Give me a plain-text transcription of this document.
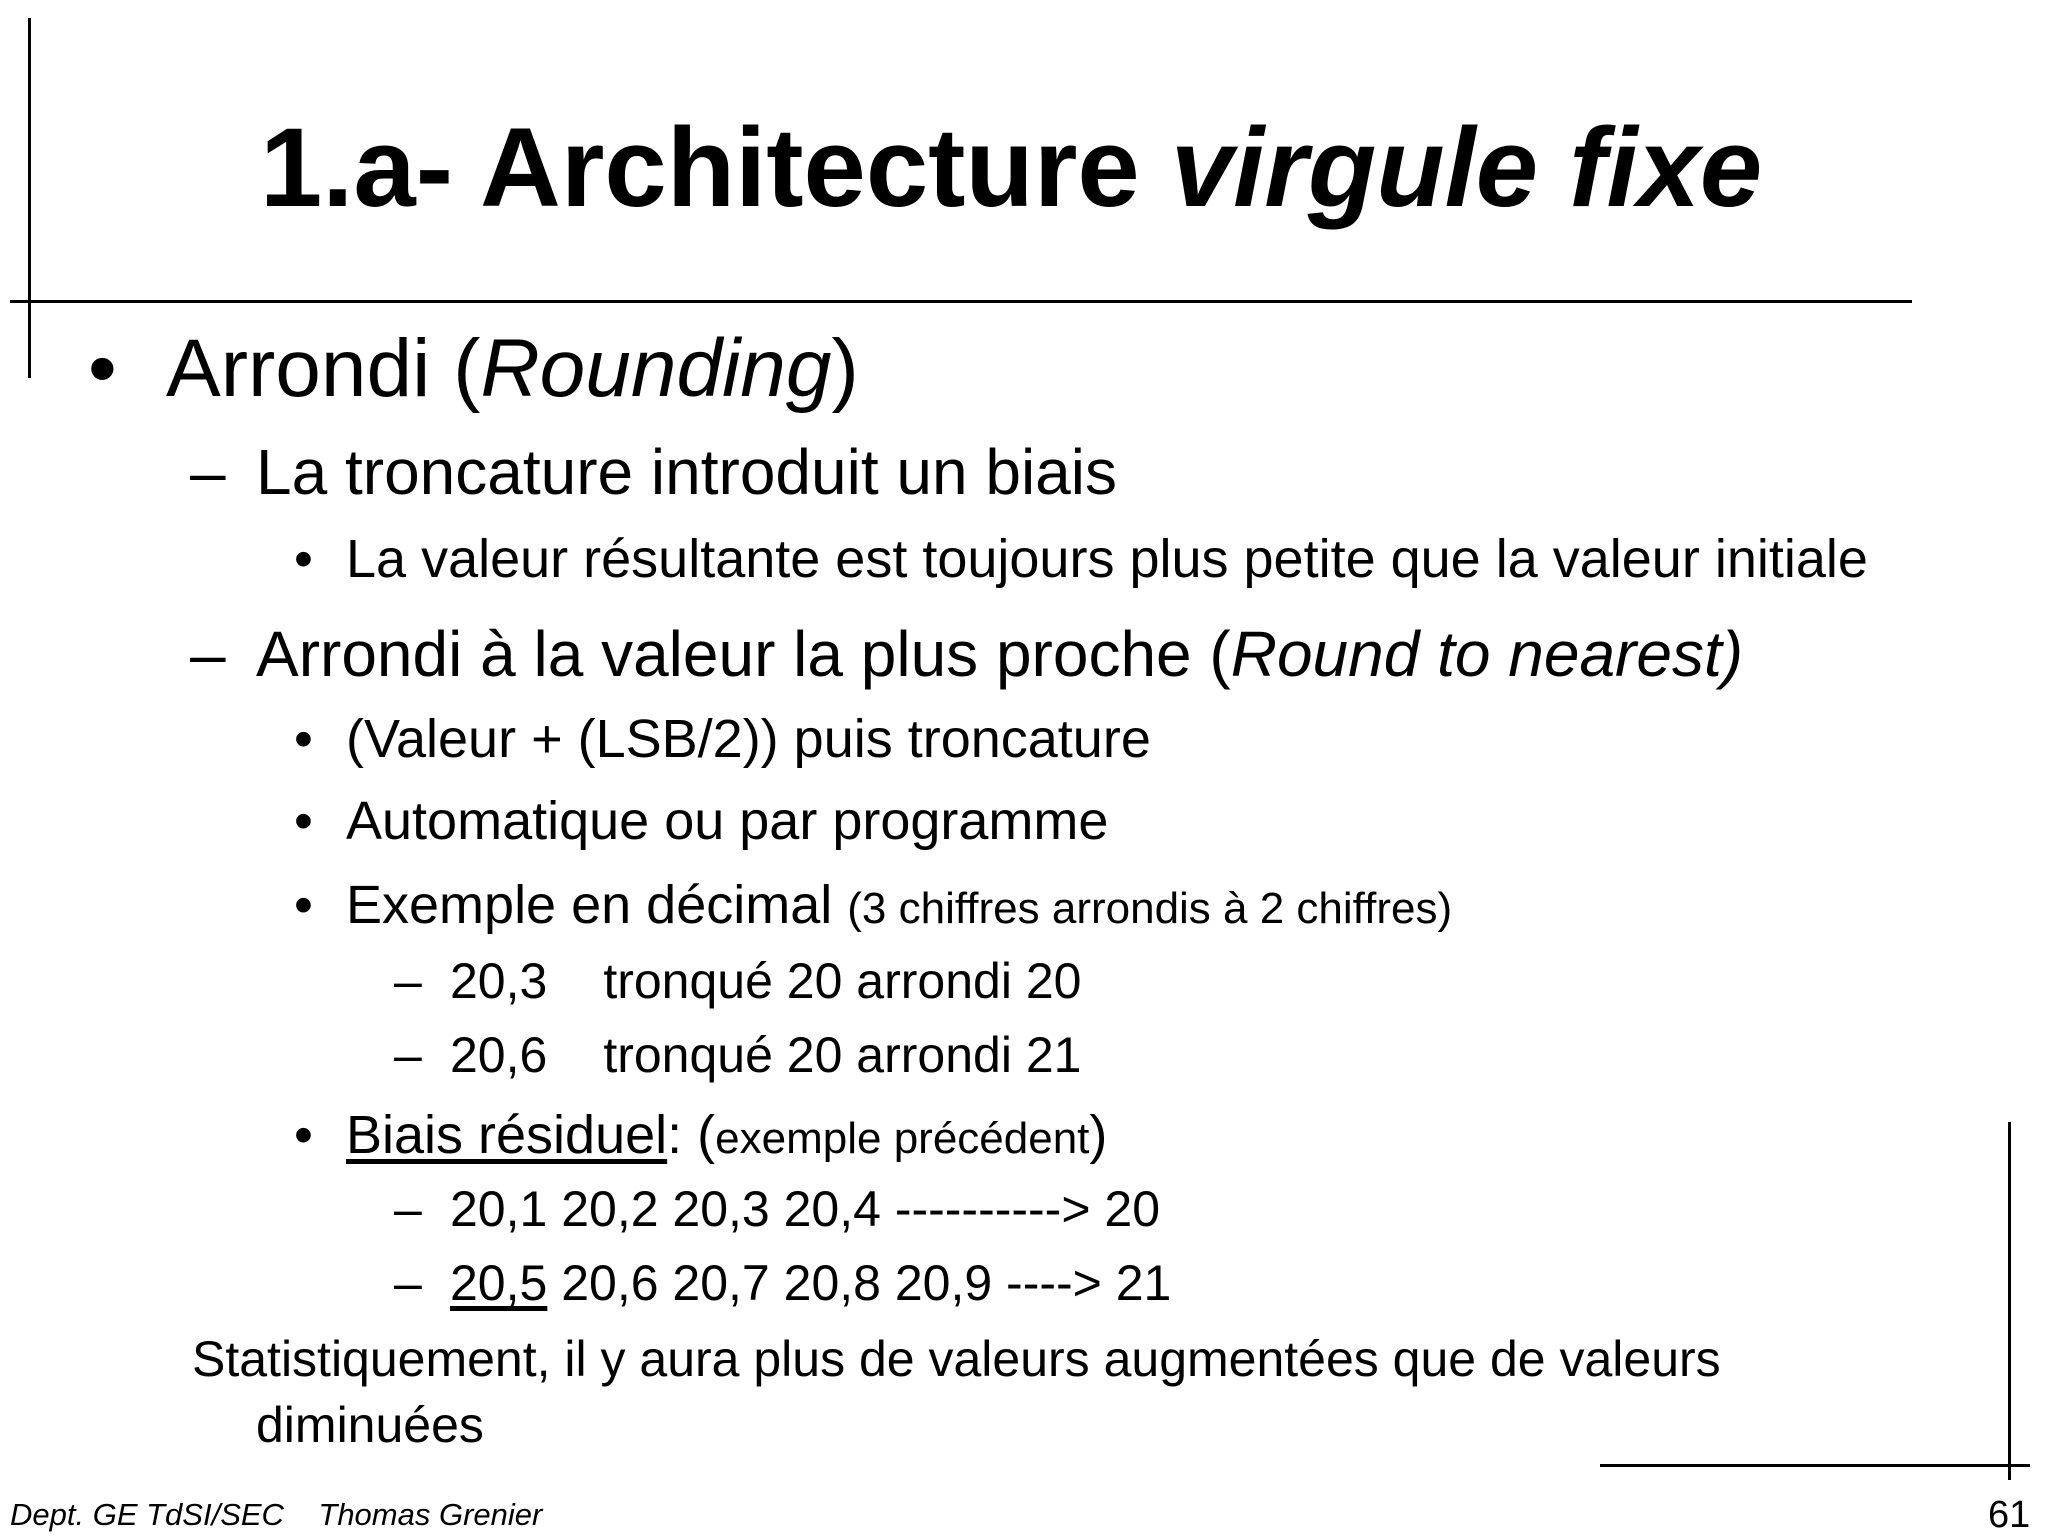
1.a- Architecture virgule fixe
• Arrondi (Rounding)
– La troncature introduit un biais
• La valeur résultante est toujours plus petite que la valeur initiale
– Arrondi à la valeur la plus proche (Round to nearest)
• (Valeur + (LSB/2)) puis troncature
• Automatique ou par programme
• Exemple en décimal (3 chiffres arrondis à 2 chiffres)
– 20,3 tronqué 20 arrondi 20
– 20,6 tronqué 20 arrondi 21
• Biais résiduel: (exemple précédent)
– 20,1 20,2 20,3 20,4 ----------> 20
– 20,5 20,6 20,7 20,8 20,9 ----> 21
Statistiquement, il y aura plus de valeurs augmentées que de valeurs
diminuées
Dept. GE TdSI/SEC    Thomas Grenier	61
